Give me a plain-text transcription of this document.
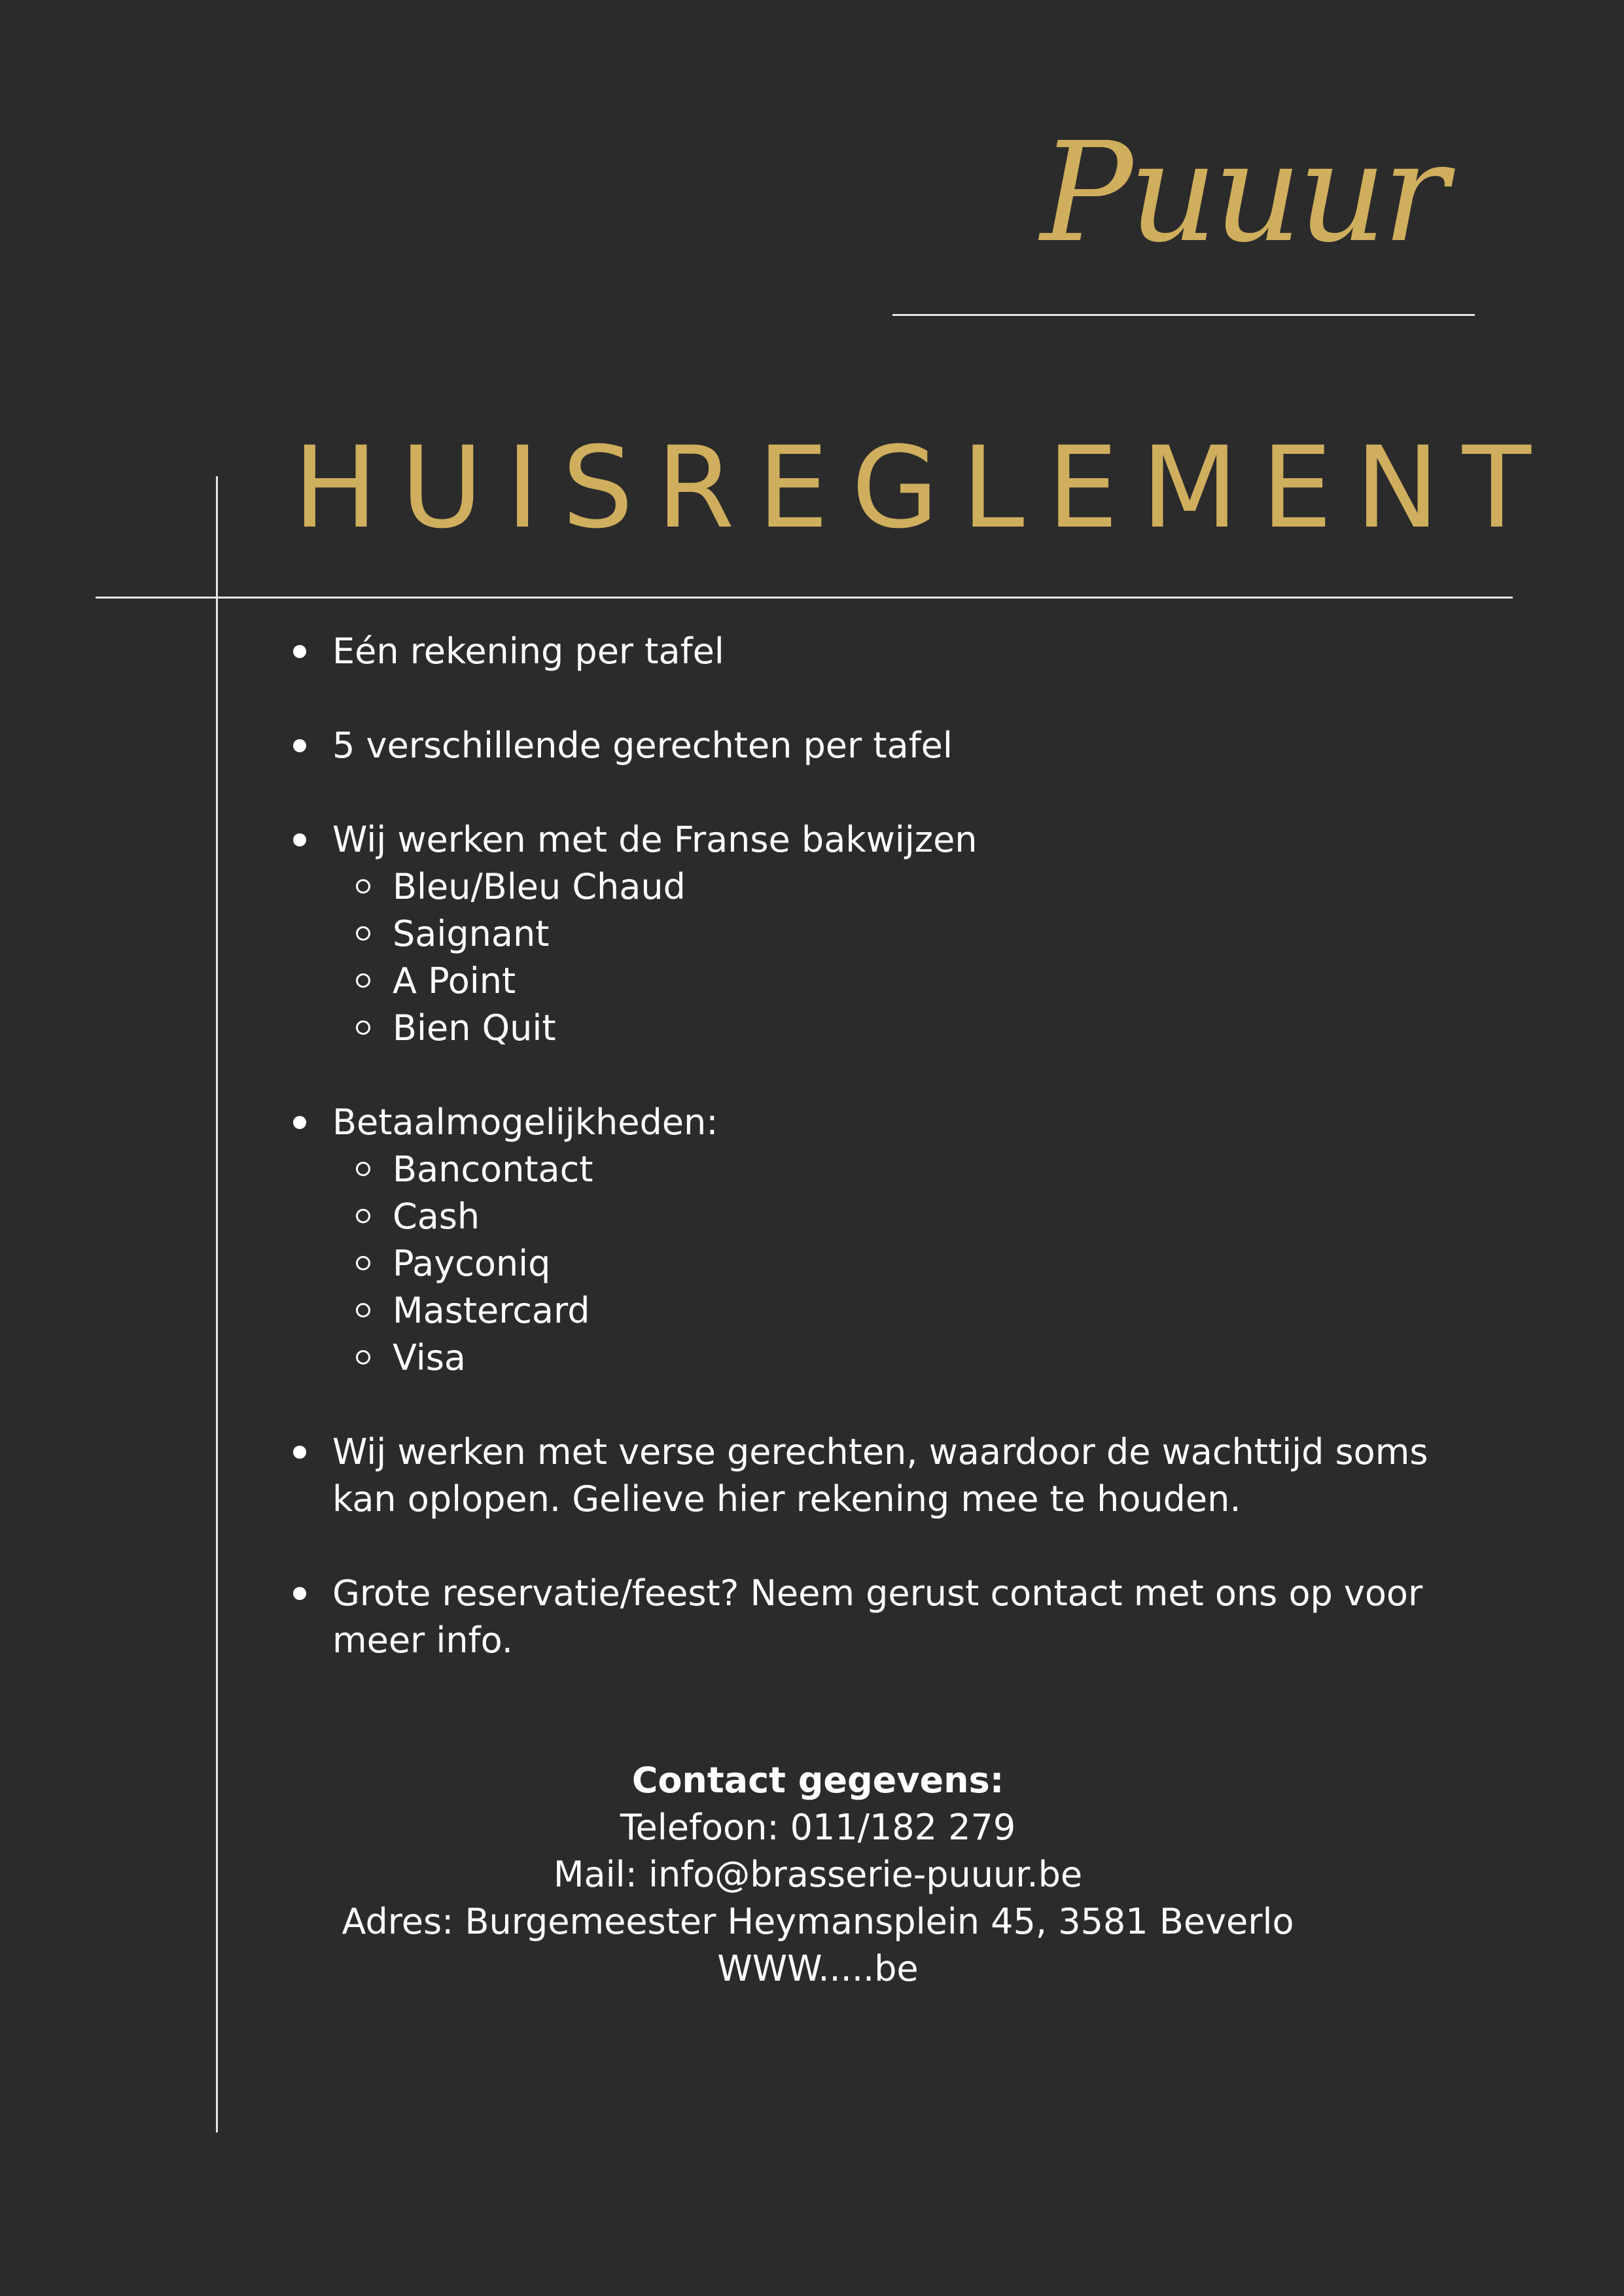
Puuur
HUISREGLEMENT
Eén rekening per tafel
5 verschillende gerechten per tafel
Wij werken met de Franse bakwijzen
Bleu/Bleu Chaud
Saignant
A Point
Bien Quit
Betaalmogelijkheden:
Bancontact
Cash
Payconiq
Mastercard
Visa
Wij werken met verse gerechten, waardoor de wachttijd soms kan oplopen. Gelieve hier rekening mee te houden.
Grote reservatie/feest? Neem gerust contact met ons op voor meer info.
Contact gegevens:
Telefoon: 011/182 279
Mail: info@brasserie-puuur.be
Adres: Burgemeester Heymansplein 45, 3581 Beverlo
WWW.....be
